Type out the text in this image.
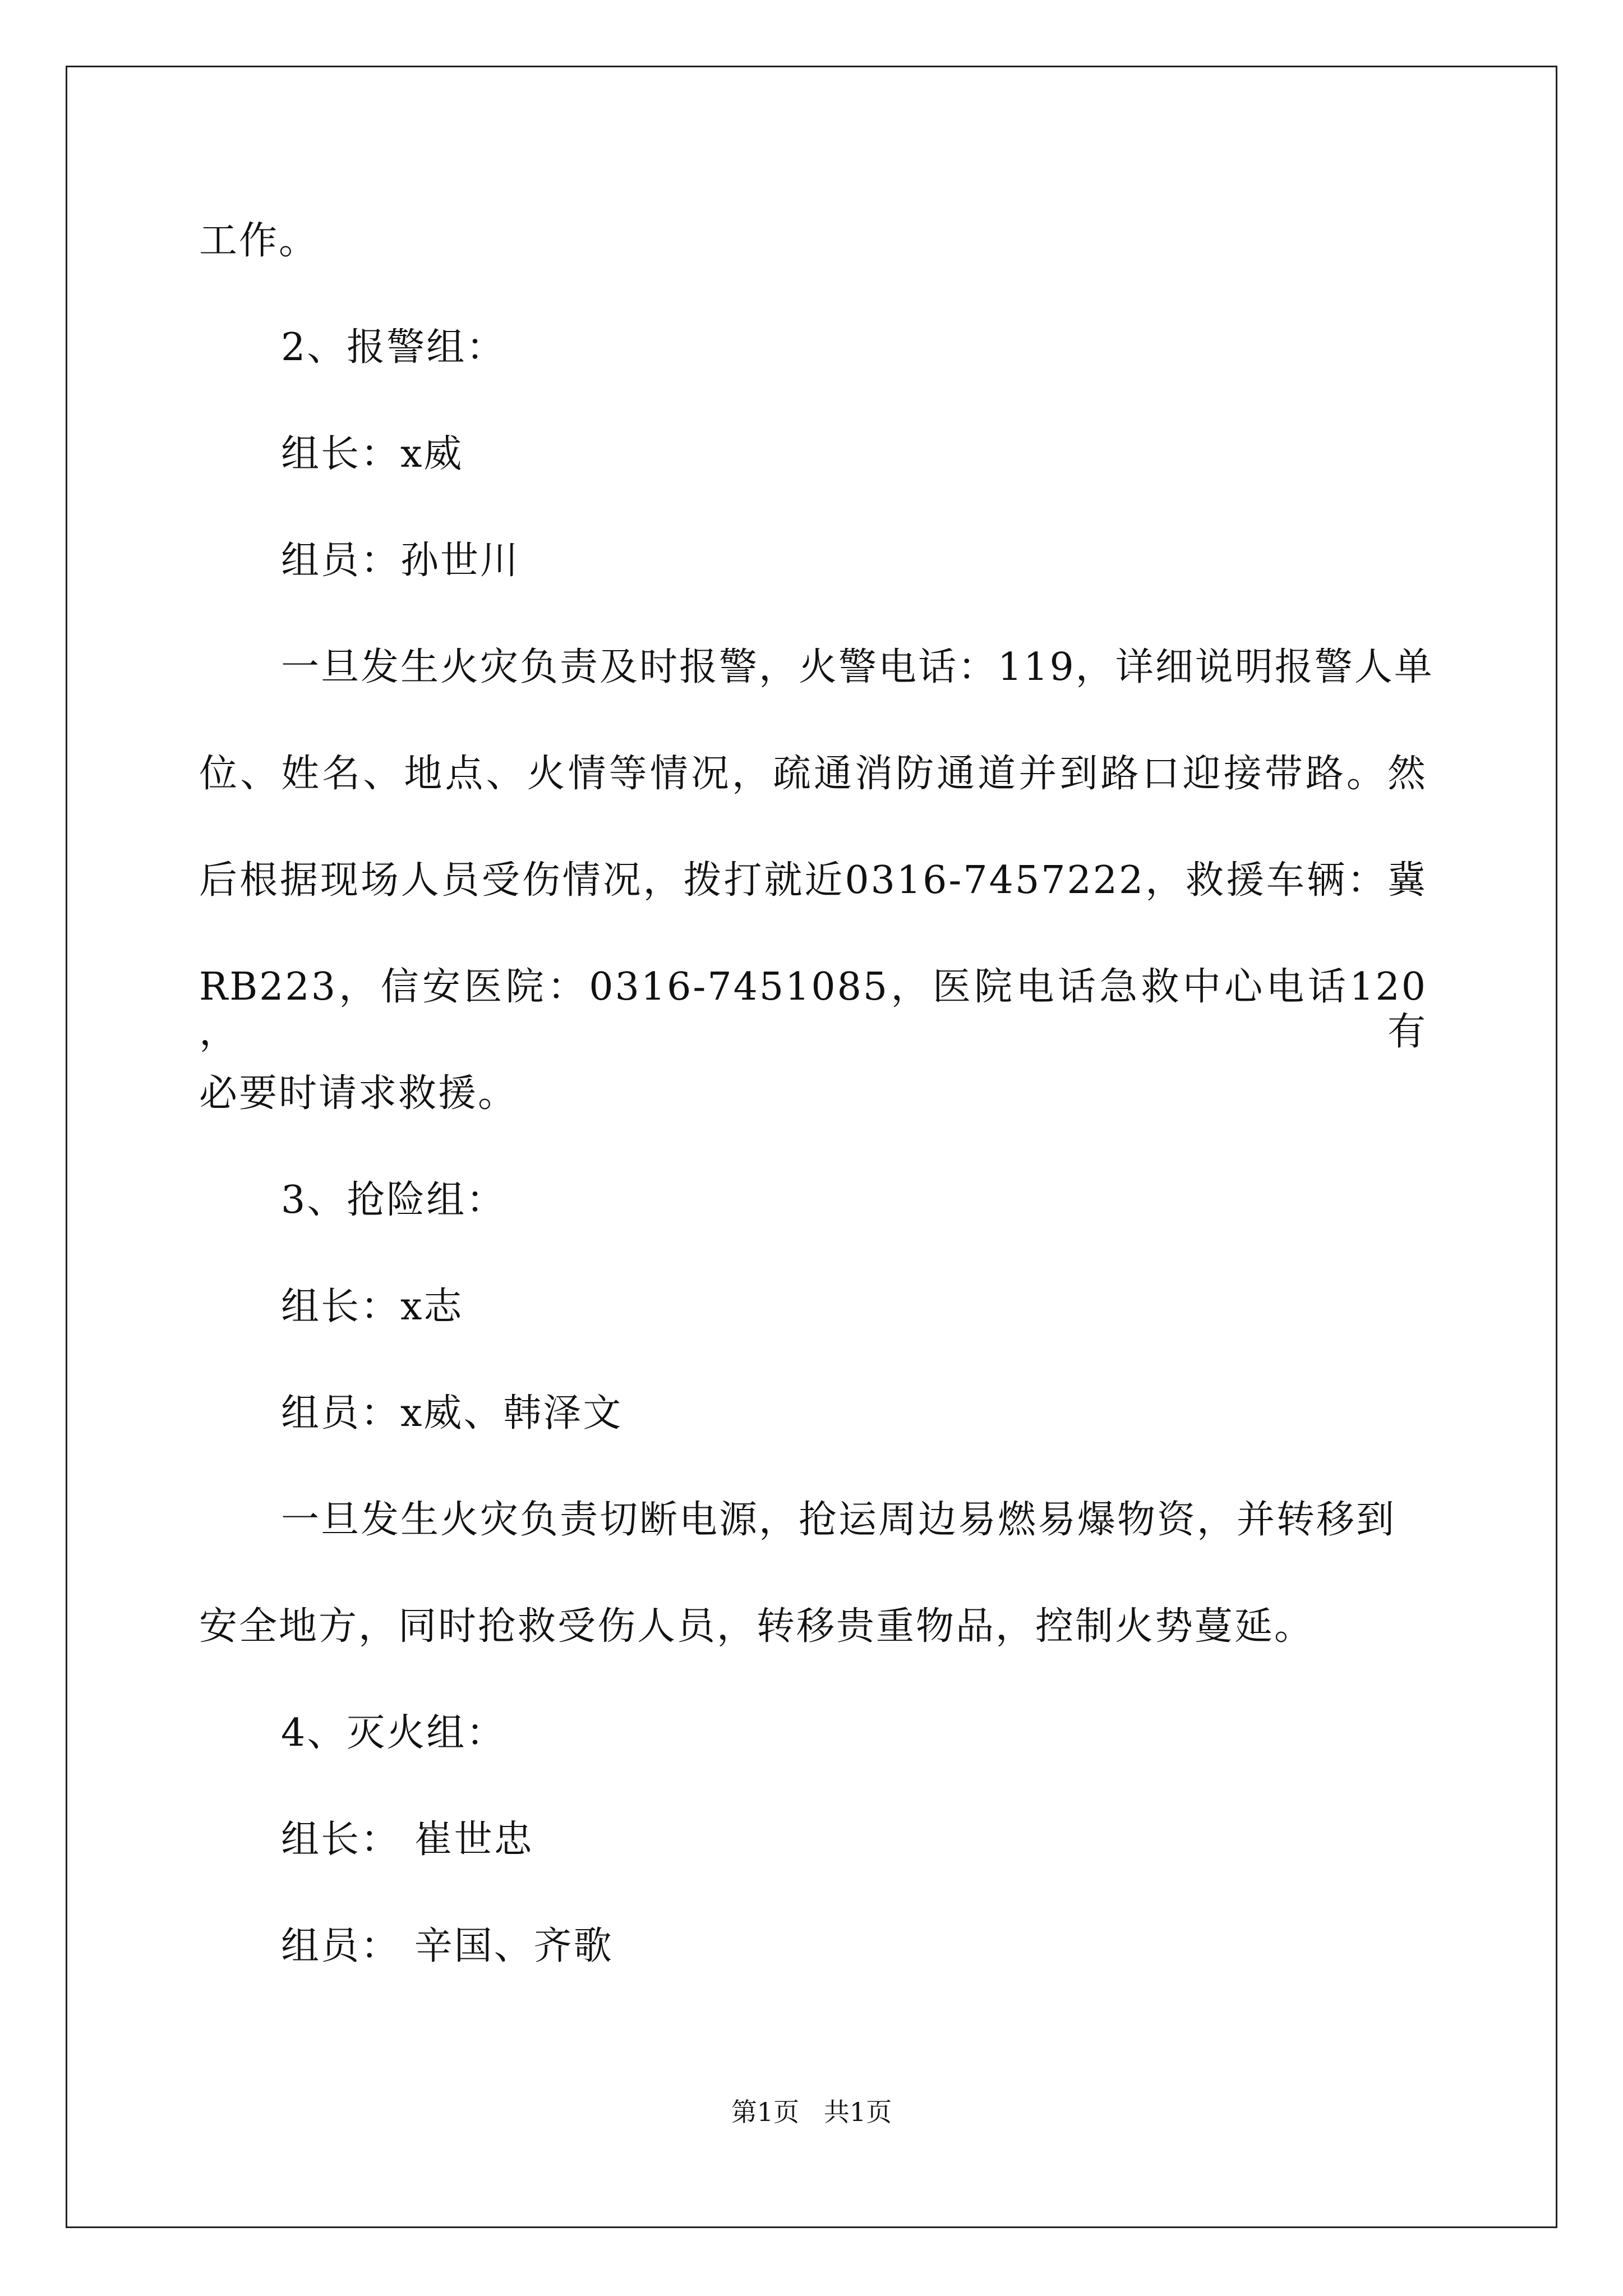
工作。
2、报警组：
组长：x威
组员：孙世川
一旦发生火灾负责及时报警，火警电话：119，详细说明报警人单
位、姓名、地点、火情等情况，疏通消防通道并到路口迎接带路。然
后根据现场人员受伤情况，拨打就近0316-7457222，救援车辆：冀
RB223，信安医院：0316-7451085，医院电话急救中心电话120 ，有
必要时请求救援。
3、抢险组：
组长：x志
组员：x威、韩泽文
一旦发生火灾负责切断电源，抢运周边易燃易爆物资，并转移到
安全地方，同时抢救受伤人员，转移贵重物品，控制火势蔓延。
4、灭火组：
组长： 崔世忠
组员： 辛国、齐歌
第1页   共1页
